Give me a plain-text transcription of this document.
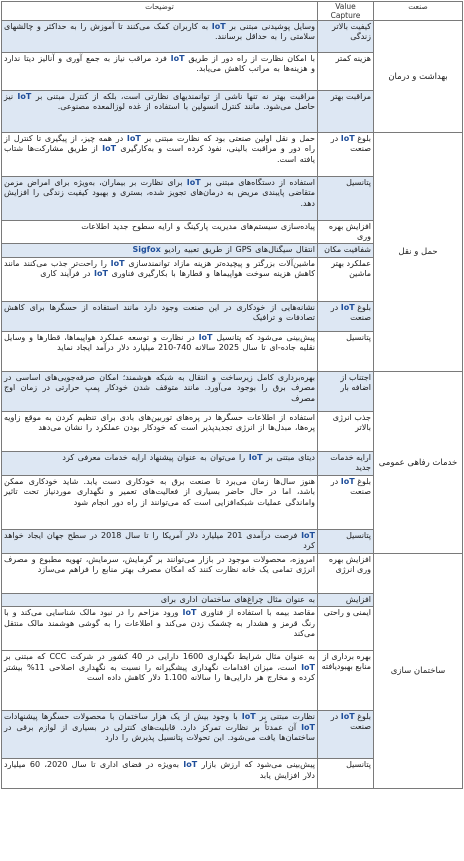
صنعت	Value Capture	توضیحات
بهداشت و درمان	کیفیت بالاتر زندگی	وسایل پوشیدنی مبتنی بر IoT به کاربران کمک می‌کنند تا آموزش را به حداکثر و چالشهای سلامتی را به حداقل برسانند.
	هزینه کمتر	با امکان نظارت از راه دور از طریق IoT فرد مراقب نیاز به جمع آوری و آنالیز دیتا ندارد و هزینه‌ها به مراتب کاهش می‌یابد.
	مراقبت بهتر	مراقبت بهتر نه تنها ناشی از توانمندیهای نظارتی است، بلکه از کنترل مبتنی بر IoT نیز حاصل می‌شود. مانند کنترل انسولین با استفاده از غده لوزالمعده مصنوعی.
حمل و نقل	بلوغ IoT در صنعت	حمل و نقل اولین صنعتی بود که نظارت مبتنی بر IoT در همه چیز، از پیگیری تا کنترل از راه دور و مراقبت بالینی، نفوذ کرده است و به‌کارگیری IoT از طریق مشارکت‌ها شتاب یافته است.
	پتانسیل	استفاده از دستگاه‌های مبتنی بر IoT برای نظارت بر بیماران، به‌ویژه برای امراض مزمن متقاضی پایبندی مریض به درمان‌های تجویز شده، بستری و بهبود کیفیت زندگی را افزایش دهد.
	افزایش بهره وری	پیاده‌سازی سیستم‌های مدیریت پارکینگ و ارایه سطوح جدید اطلاعات
	شفافیت مکان	انتقال سیگنال‌های GPS از طریق تعبیه رادیو Sigfox
	عملکرد بهتر ماشین	ماشین‌آلات بزرگتر و پیچیده‌تر هزینه مازاد توانمندسازی IoT را راحت‌تر جذب می‌کنند مانند کاهش هزینه سوخت هواپیماها و قطارها با بکارگیری فناوری IoT در فرآیند کاری
	بلوغ IoT در صنعت	نشانه‌هایی از خودکاری در این صنعت وجود دارد مانند استفاده از حسگرها برای کاهش تصادفات و ترافیک
	پتانسیل	پیش‌بینی می‌شود که پتانسیل IoT در نظارت و توسعه عملکرد هواپیماها، قطارها و وسایل نقلیه جاده-ای تا سال 2025 سالانه 740-210 میلیارد دلار درآمد ایجاد نماید
خدمات رفاهی عمومی	اجتناب از اضافه بار	بهره‌برداری کامل زیرساخت و انتقال به شبکه هوشمند؛ امکان صرفه‌جویی‌های اساسی در مصرف برق را بوجود می‌آورد. مانند متوقف شدن خودکار پمپ حرارتی در زمان اوج مصرف
	جذب انرژی بالاتر	استفاده از اطلاعات حسگرها در پره‌های توربین‌های بادی برای تنظیم کردن به موقع زاویه پره‌ها، مبدل‌ها از انرژی تجدیدپذیر است که خودکار بودن عملکرد را نشان می‌دهد
	ارایه خدمات جدید	دیتای مبتنی بر IoT را می‌توان به عنوان پیشنهاد ارایه خدمات معرفی کرد
	بلوغ IoT در صنعت	هنوز سال‌ها زمان می‌برد تا صنعت برق به خودکاری دست یابد. شاید خودکاری ممکن باشد، اما در حال حاضر بسیاری از فعالیت‌های تعمیر و نگهداری موردنیاز تحت تاثیر واماندگی عملیات شبکه‌افزایی است که می‌توانند از راه دور انجام شود
	پتانسیل	IoT فرصت درآمدی 201 میلیارد دلار آمریکا را تا سال 2018 در سطح جهان ایجاد خواهد کرد
ساختمان سازی	افزایش بهره وری انرژی	امروزه، محصولات موجود در بازار می‌توانند بر گرمایش، سرمایش، تهویه مطبوع و مصرف انرژی تمامی یک خانه نظارت کنند که امکان مصرف بهتر منابع را فراهم می‌سازد
	افزایش	به عنوان مثال چراغ‌های ساختمان اداری برای
	ایمنی و راحتی	مقاصد بیمه با استفاده از فناوری IoT ورود مزاحم را در نبود مالک شناسایی می‌کند و با رنگ قرمز و هشدار به چشمک زدن می‌کند و اطلاعات را به گوشی هوشمند مالک منتقل می‌کند
	بهره برداری از منابع بهبودیافته	به عنوان مثال شرایط نگهداری 1600 دارایی در 40 کشور در شرکت CCC که مبتنی بر IoT است، میزان اقدامات نگهداری پیشگیرانه را نسبت به نگهداری اصلاحی 11% بیشتر کرده و مخارج هر دارایی‌ها را سالانه 1.100 دلار کاهش داده است
	بلوغ IoT در صنعت	نظارت مبتنی بر IoT با وجود بیش از یک هزار ساختمان با محصولات حسگرها پیشنهادات IoT آن عمدتاً بر نظارت تمرکز دارد. قابلیت‌های کنترلی در بسیاری از لوازم برقی در ساختمان‌ها یافت می‌شود. این تحولات پتانسیل پذیرش را دارد
	پتانسیل	پیش‌بینی می‌شود که ارزش بازار IoT به‌ویژه در فضای اداری تا سال 2020، 60 میلیارد دلار افزایش یابد
